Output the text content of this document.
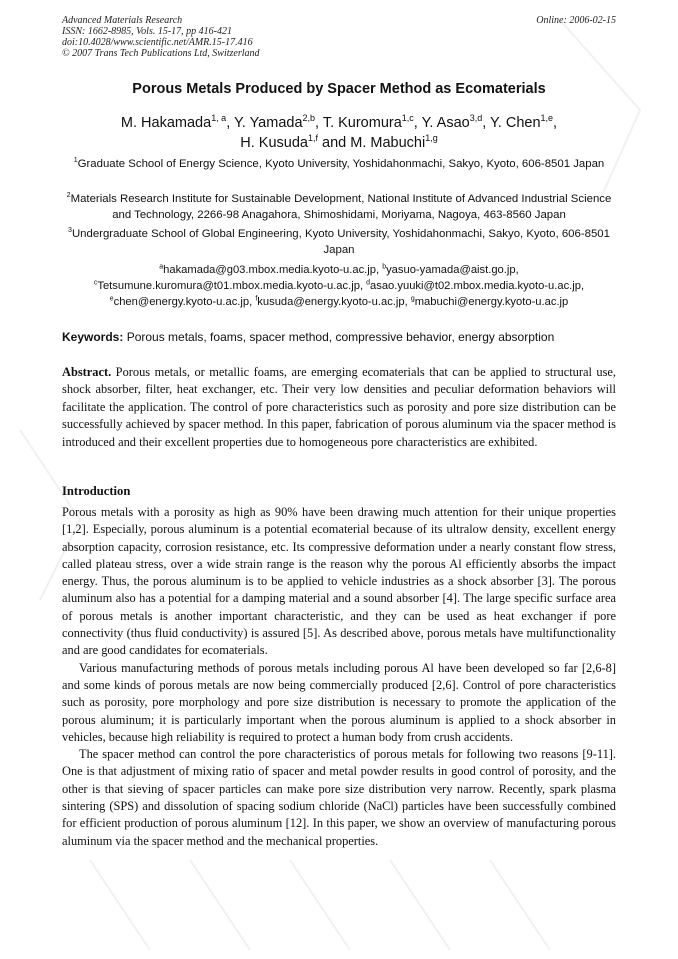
Advanced Materials Research
ISSN: 1662-8985, Vols. 15-17, pp 416-421
doi:10.4028/www.scientific.net/AMR.15-17.416
© 2007 Trans Tech Publications Ltd, Switzerland
Online: 2006-02-15
Porous Metals Produced by Spacer Method as Ecomaterials
M. Hakamada$^{1, a}$, Y. Yamada$^{2,b}$, T. Kuromura$^{1,c}$, Y. Asao$^{3,d}$, Y. Chen$^{1,e}$,
H. Kusuda$^{1,f}$ and M. Mabuchi$^{1,g}$
$^1$Graduate School of Energy Science, Kyoto University, Yoshidahonmachi, Sakyo, Kyoto, 606-8501 Japan
$^2$Materials Research Institute for Sustainable Development, National Institute of Advanced Industrial Science and Technology, 2266-98 Anagahora, Shimoshidami, Moriyama, Nagoya, 463-8560 Japan
$^3$Undergraduate School of Global Engineering, Kyoto University, Yoshidahonmachi, Sakyo, Kyoto, 606-8501 Japan
$^a$hakamada@g03.mbox.media.kyoto-u.ac.jp, $^b$yasuo-yamada@aist.go.jp,
$^c$Tetsumune.kuromura@t01.mbox.media.kyoto-u.ac.jp, $^d$asao.yuuki@t02.mbox.media.kyoto-u.ac.jp,
$^e$chen@energy.kyoto-u.ac.jp, $^f$kusuda@energy.kyoto-u.ac.jp, $^g$mabuchi@energy.kyoto-u.ac.jp
Keywords: Porous metals, foams, spacer method, compressive behavior, energy absorption

Abstract. Porous metals, or metallic foams, are emerging ecomaterials that can be applied to structural use, shock absorber, filter, heat exchanger, etc. Their very low densities and peculiar deformation behaviors will facilitate the application. The control of pore characteristics such as porosity and pore size distribution can be successfully achieved by spacer method. In this paper, fabrication of porous aluminum via the spacer method is introduced and their excellent properties due to homogeneous pore characteristics are exhibited.

Introduction

Porous metals with a porosity as high as 90% have been drawing much attention for their unique properties [1,2]. Especially, porous aluminum is a potential ecomaterial because of its ultralow density, excellent energy absorption capacity, corrosion resistance, etc. Its compressive deformation under a nearly constant flow stress, called plateau stress, over a wide strain range is the reason why the porous Al efficiently absorbs the impact energy. Thus, the porous aluminum is to be applied to vehicle industries as a shock absorber [3]. The porous aluminum also has a potential for a damping material and a sound absorber [4]. The large specific surface area of porous metals is another important characteristic, and they can be used as heat exchanger if pore connectivity (thus fluid conductivity) is assured [5]. As described above, porous metals have multifunctionality and are good candidates for ecomaterials.

Various manufacturing methods of porous metals including porous Al have been developed so far [2,6-8] and some kinds of porous metals are now being commercially produced [2,6]. Control of pore characteristics such as porosity, pore morphology and pore size distribution is necessary to promote the application of the porous aluminum; it is particularly important when the porous aluminum is applied to a shock absorber in vehicles, because high reliability is required to protect a human body from crush accidents.

The spacer method can control the pore characteristics of porous metals for following two reasons [9-11]. One is that adjustment of mixing ratio of spacer and metal powder results in good control of porosity, and the other is that sieving of spacer particles can make pore size distribution very narrow. Recently, spark plasma sintering (SPS) and dissolution of spacing sodium chloride (NaCl) particles have been successfully combined for efficient production of porous aluminum [12]. In this paper, we show an overview of manufacturing porous aluminum via the spacer method and the mechanical properties.
